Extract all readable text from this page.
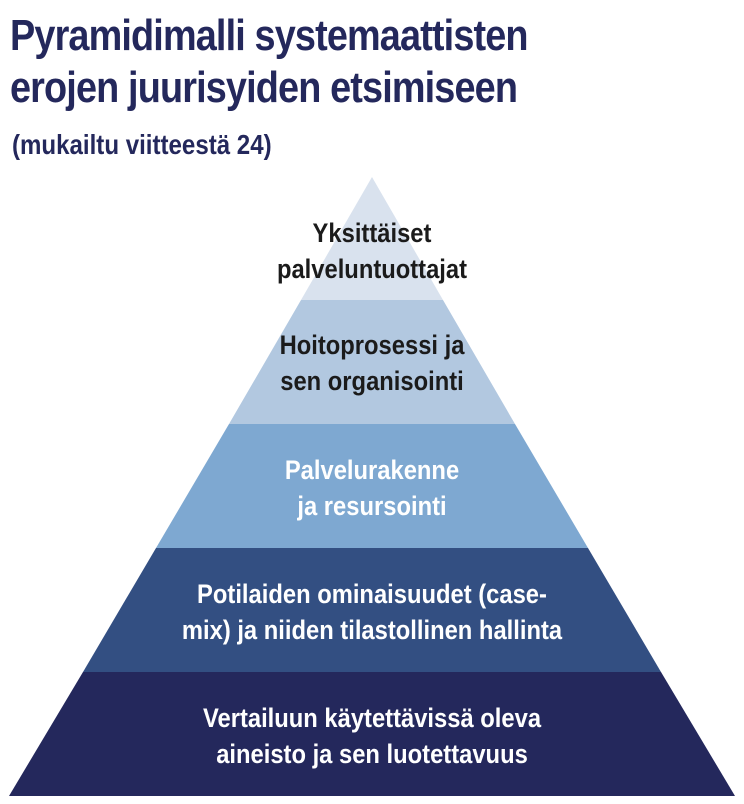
Pyramidimalli systemaattisten
erojen juurisyiden etsimiseen

(mukailtu viitteestä 24)

Yksittäiset
palveluntuottajat
Hoitoprosessi ja
sen organisointi
Palvelurakenne
ja resursointi
Potilaiden ominaisuudet (case-
mix) ja niiden tilastollinen hallinta
Vertailuun käytettävissä oleva
aineisto ja sen luotettavuus
